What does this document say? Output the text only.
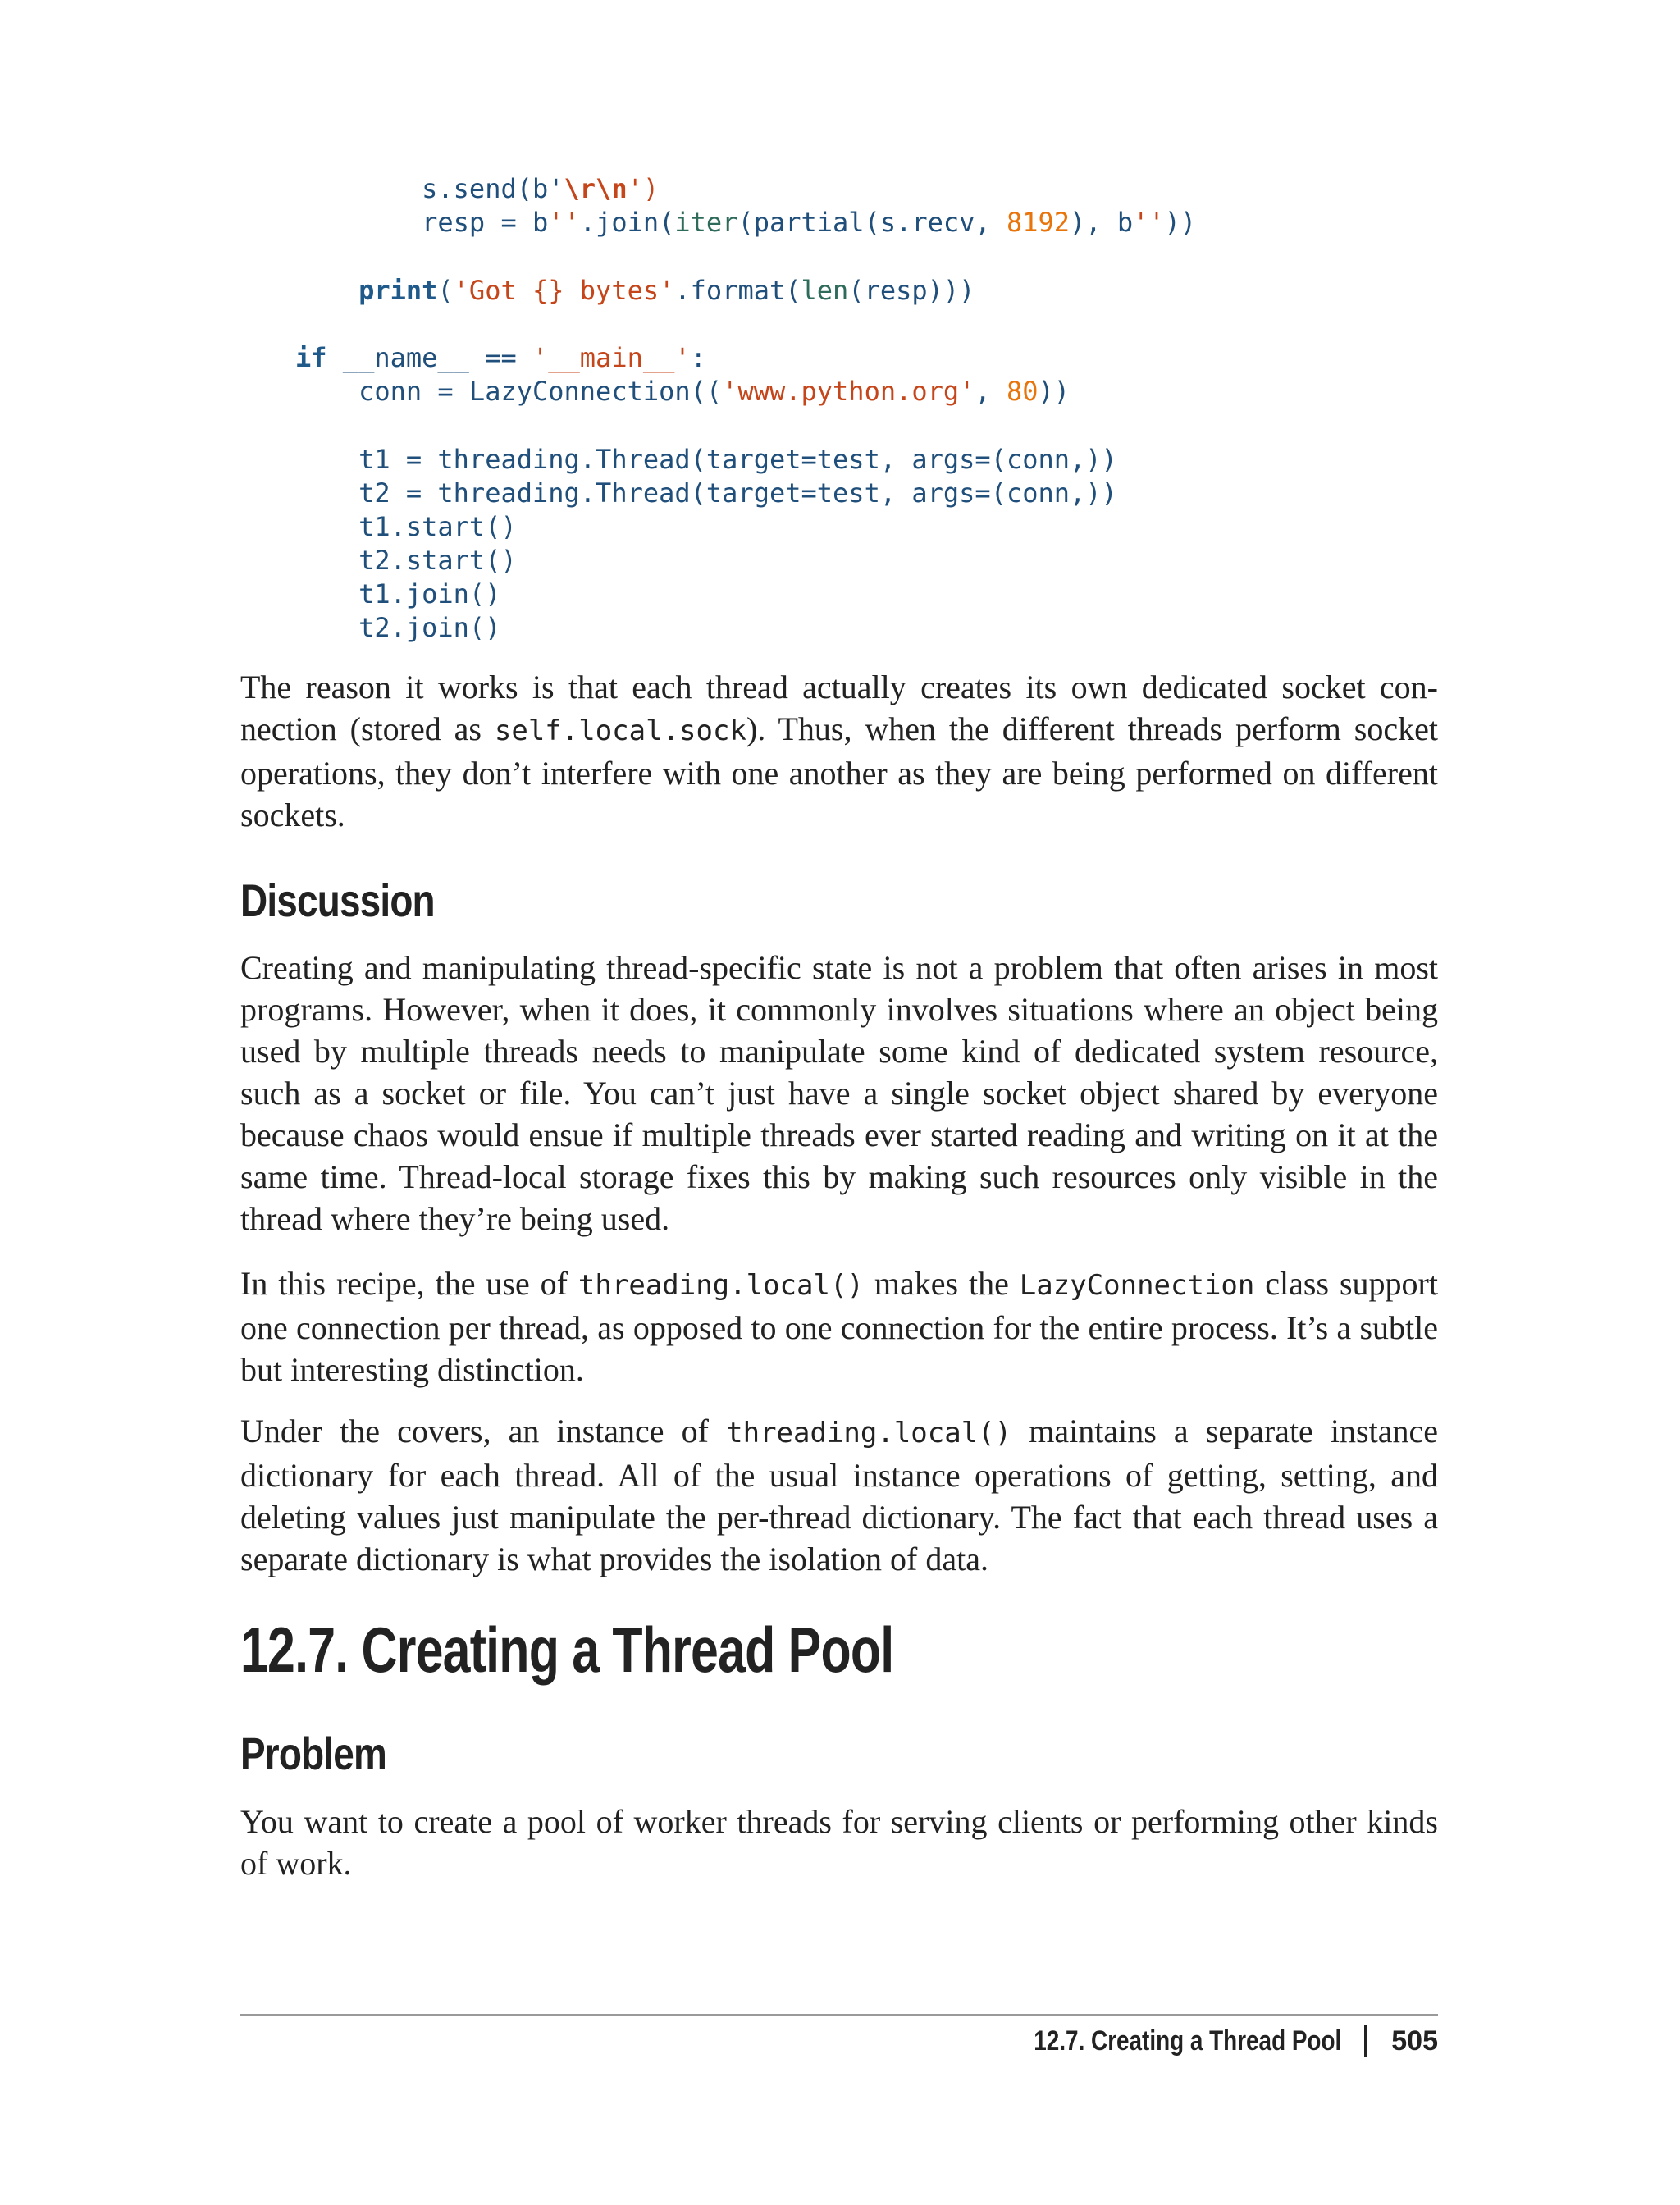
s.send(b'\r\n')
resp = b''.join(iter(partial(s.recv, 8192), b''))
print('Got {} bytes'.format(len(resp)))
if __name__ == '__main__':
conn = LazyConnection(('www.python.org', 80))
t1 = threading.Thread(target=test, args=(conn,))
t2 = threading.Thread(target=test, args=(conn,))
t1.start()
t2.start()
t1.join()
t2.join()

The reason it works is that each thread actually creates its own dedicated socket connection (stored as self.local.sock). Thus, when the different threads perform socket operations, they don’t interfere with one another as they are being performed on different sockets.

Discussion

Creating and manipulating thread-specific state is not a problem that often arises in most programs. However, when it does, it commonly involves situations where an object being used by multiple threads needs to manipulate some kind of dedicated system resource, such as a socket or file. You can’t just have a single socket object shared by everyone because chaos would ensue if multiple threads ever started reading and writing on it at the same time. Thread-local storage fixes this by making such resources only visible in the thread where they’re being used.

In this recipe, the use of threading.local() makes the LazyConnection class support one connection per thread, as opposed to one connection for the entire process. It’s a subtle but interesting distinction.

Under the covers, an instance of threading.local() maintains a separate instance dictionary for each thread. All of the usual instance operations of getting, setting, and deleting values just manipulate the per-thread dictionary. The fact that each thread uses a separate dictionary is what provides the isolation of data.

12.7. Creating a Thread Pool
Problem

You want to create a pool of worker threads for serving clients or performing other kinds of work.

12.7. Creating a Thread Pool 505
